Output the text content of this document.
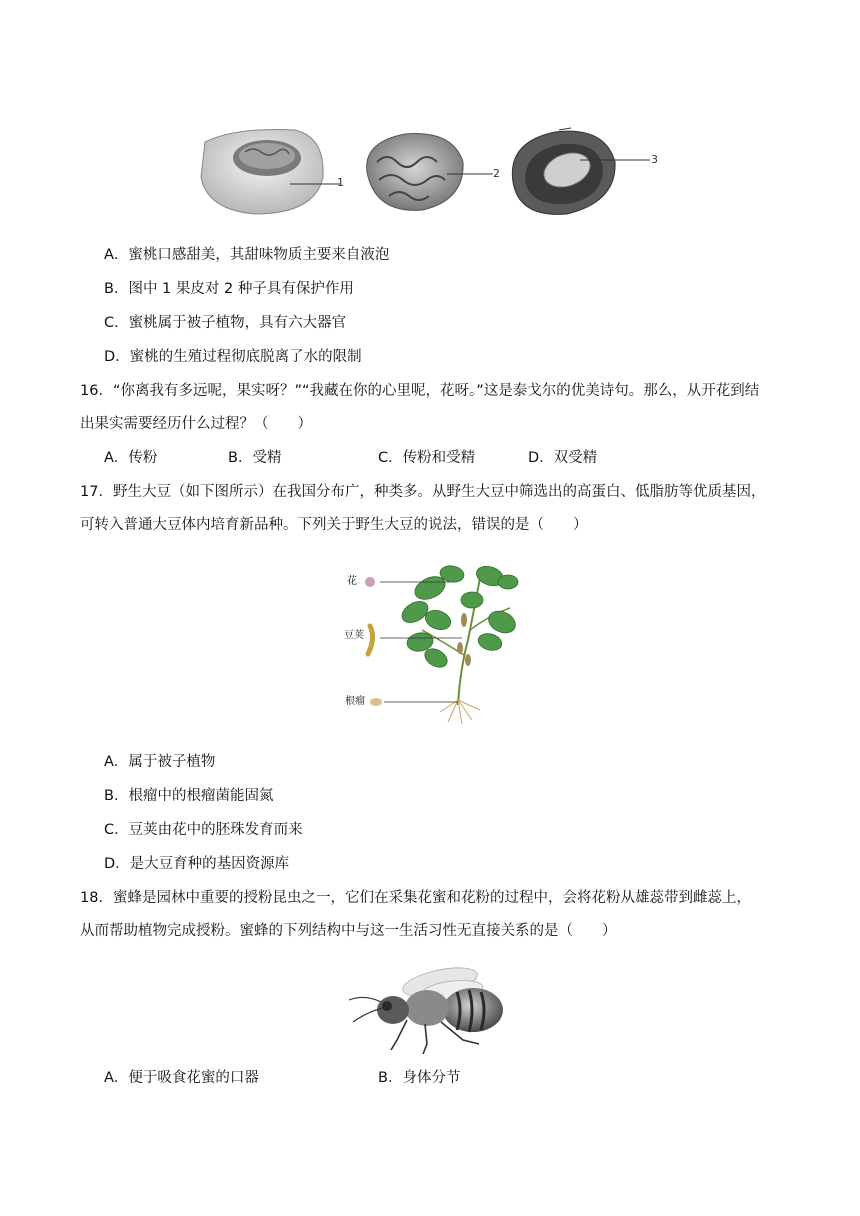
1
2
3
A．蜜桃口感甜美，其甜味物质主要来自液泡
B．图中 1 果皮对 2 种子具有保护作用
C．蜜桃属于被子植物，具有六大器官
D．蜜桃的生殖过程彻底脱离了水的限制
16．“你离我有多远呢，果实呀？”“我藏在你的心里呢，花呀。”这是泰戈尔的优美诗句。那么，从开花到结
出果实需要经历什么过程？（　　）
A．传粉	B．受精	C．传粉和受精	D．双受精
17．野生大豆（如下图所示）在我国分布广，种类多。从野生大豆中筛选出的高蛋白、低脂肪等优质基因，
可转入普通大豆体内培育新品种。下列关于野生大豆的说法，错误的是（　　）
花
豆荚
根瘤
A．属于被子植物
B．根瘤中的根瘤菌能固氮
C．豆荚由花中的胚珠发育而来
D．是大豆育种的基因资源库
18．蜜蜂是园林中重要的授粉昆虫之一，它们在采集花蜜和花粉的过程中，会将花粉从雄蕊带到雌蕊上，
从而帮助植物完成授粉。蜜蜂的下列结构中与这一生活习性无直接关系的是（　　）
A．便于吸食花蜜的口器	B．身体分节
